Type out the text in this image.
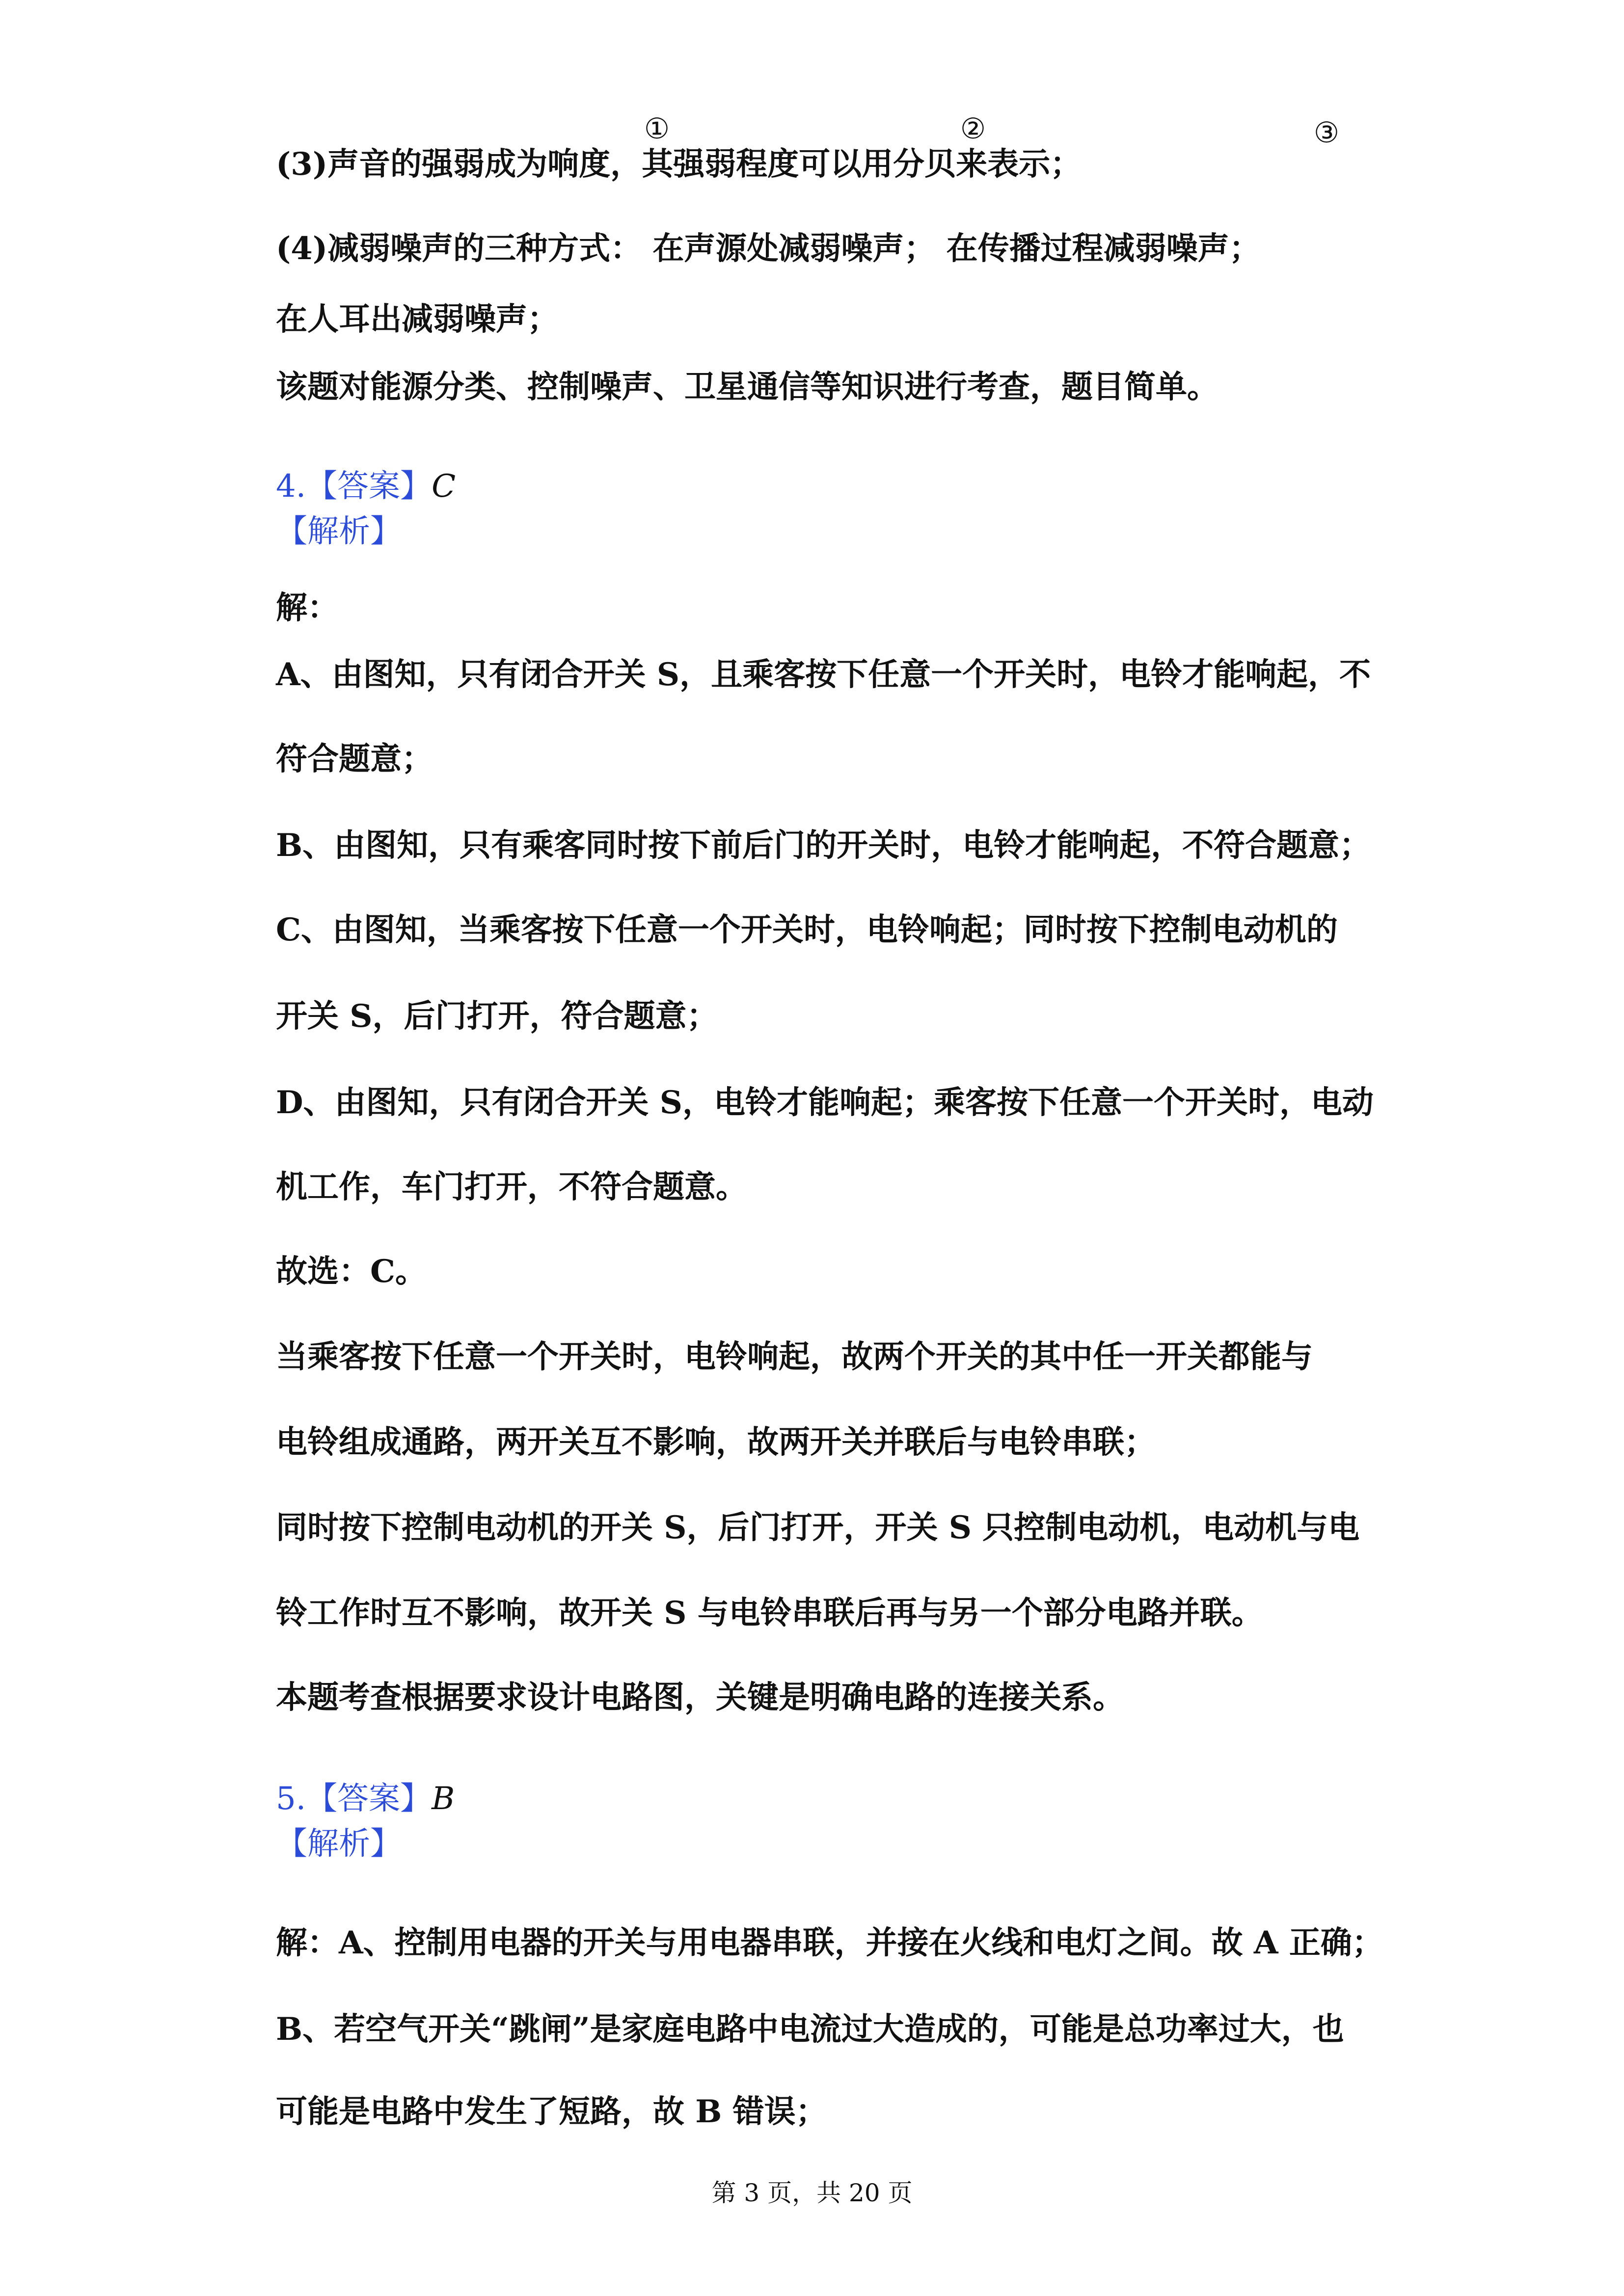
①	②	③
(3)声音的强弱成为响度，其强弱程度可以用分贝来表示；
(4)减弱噪声的三种方式： 在声源处减弱噪声； 在传播过程减弱噪声；
在人耳出减弱噪声；
该题对能源分类、控制噪声、卫星通信等知识进行考查，题目简单。
4.【答案】C
【解析】
解：
A、由图知，只有闭合开关 S，且乘客按下任意一个开关时，电铃才能响起，不
符合题意；
B、由图知，只有乘客同时按下前后门的开关时，电铃才能响起，不符合题意；
C、由图知，当乘客按下任意一个开关时，电铃响起；同时按下控制电动机的
开关 S，后门打开，符合题意；
D、由图知，只有闭合开关 S，电铃才能响起；乘客按下任意一个开关时，电动
机工作，车门打开，不符合题意。
故选：C。
当乘客按下任意一个开关时，电铃响起，故两个开关的其中任一开关都能与
电铃组成通路，两开关互不影响，故两开关并联后与电铃串联；
同时按下控制电动机的开关 S，后门打开，开关 S 只控制电动机，电动机与电
铃工作时互不影响，故开关 S 与电铃串联后再与另一个部分电路并联。
本题考查根据要求设计电路图，关键是明确电路的连接关系。
5.【答案】B
【解析】
解：A、控制用电器的开关与用电器串联，并接在火线和电灯之间。故 A 正确；
B、若空气开关“跳闸”是家庭电路中电流过大造成的，可能是总功率过大，也
可能是电路中发生了短路，故 B 错误；
第 3 页，共 20 页
